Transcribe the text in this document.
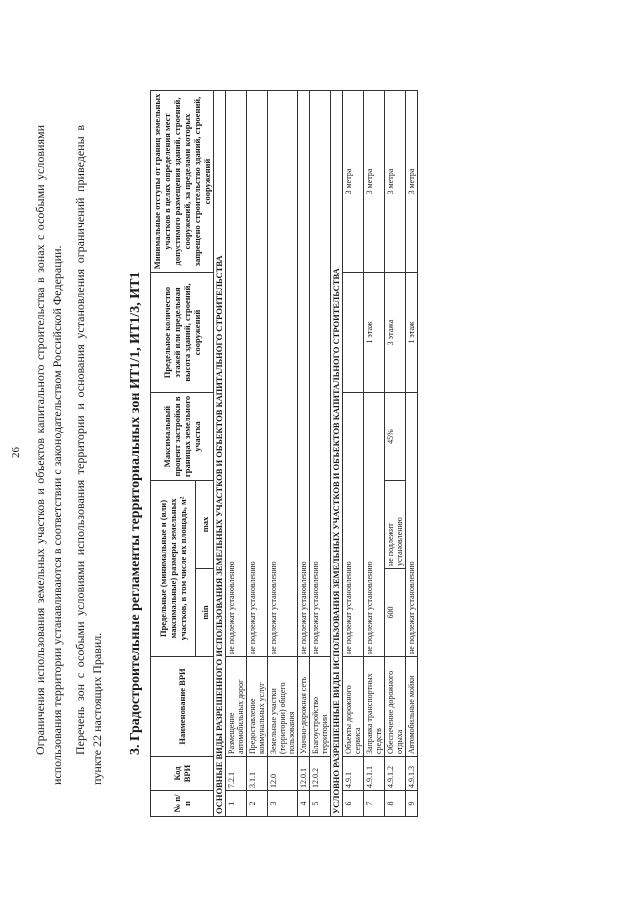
26 Ограничения использования земельных участков и объектов капитального строительства в зонах с особыми условиями использования территории устанавливаются в соответствии с законодательством Российской Федерации. Перечень зон с особыми условиями использования территории и основания установления ограничений приведены в пункте 22 настоящих Правил. 3. Градостроительные регламенты территориальных зон ИТ1/1, ИТ1/3, ИТ1
№ п/п	Код ВРИ	Наименование ВРИ	Предельные (минимальные и (или) максимальные) размеры земельных участков, в том числе их площадь, м²		Максимальный процент застройки в границах земельного участка	Предельное количество этажей или предельная высота зданий, строений, сооружений	Минимальные отступы от границ земельных участков в целях определения мест допустимого размещения зданий, строений, сооружений, за пределами которых запрещено строительство зданий, строений, сооружений
			min	max			
ОСНОВНЫЕ ВИДЫ РАЗРЕШЕННОГО ИСПОЛЬЗОВАНИЯ ЗЕМЕЛЬНЫХ УЧАСТКОВ И ОБЪЕКТОВ КАПИТАЛЬНОГО СТРОИТЕЛЬСТВА							
1	7.2.1	Размещение автомобильных дорог	не подлежат установлению				
2	3.1.1	Предоставление коммунальных услуг	не подлежат установлению				
3	12.0	Земельные участки (территории) общего пользования	не подлежат установлению				
4	12.0.1	Улично-дорожная сеть	не подлежат установлению				
5	12.0.2	Благоустройство территории	не подлежат установлению				
УСЛОВНО РАЗРЕШЕННЫЕ ВИДЫ ИСПОЛЬЗОВАНИЯ ЗЕМЕЛЬНЫХ УЧАСТКОВ И ОБЪЕКТОВ КАПИТАЛЬНОГО СТРОИТЕЛЬСТВА							
6	4.9.1	Объекты дорожного сервиса	не подлежат установлению				3 метра
7	4.9.1.1	Заправка транспортных средств	не подлежат установлению			1 этаж	3 метра
8	4.9.1.2	Обеспечение дорожного отдыха	600	не подлежит установлению	45%	3 этажа	3 метра
9	4.9.1.3	Автомобильные мойки	не подлежат установлению			1 этаж	3 метра
